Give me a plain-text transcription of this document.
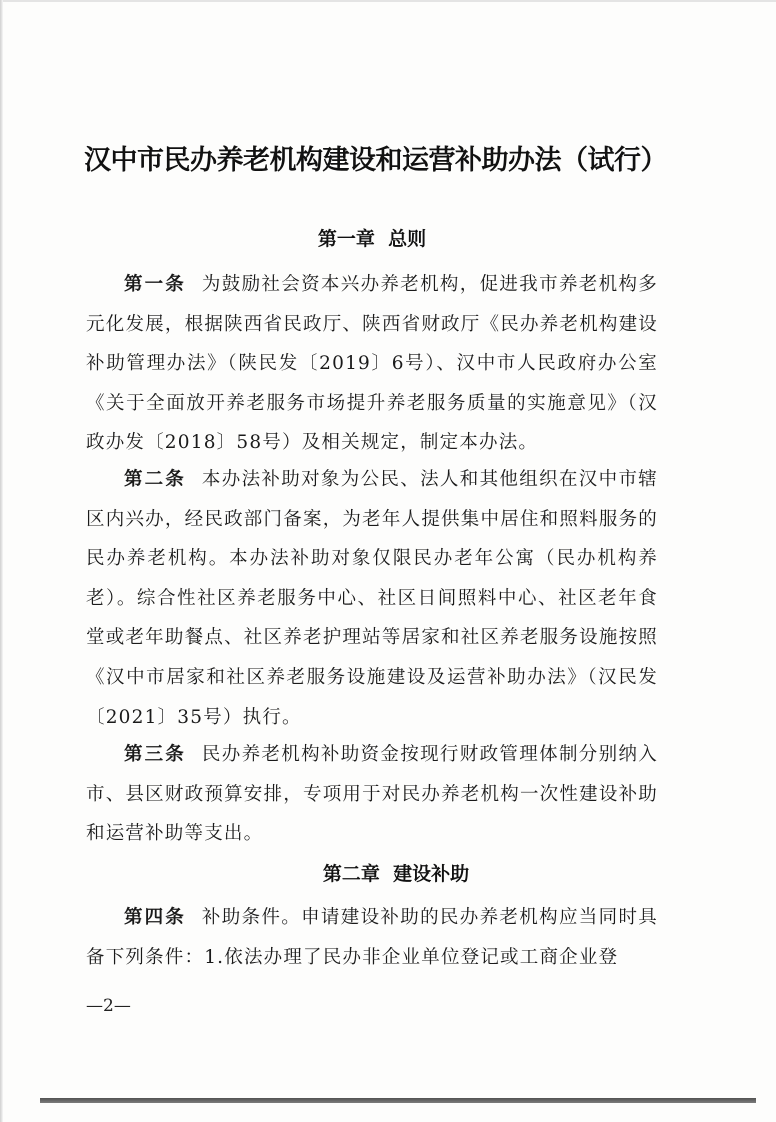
汉中市民办养老机构建设和运营补助办法（试行）
第一章  总则
第一条 为鼓励社会资本兴办养老机构，促进我市养老机构多元化发展，根据陕西省民政厅、陕西省财政厅《民办养老机构建设补助管理办法》（陕民发〔2019〕6号）、汉中市人民政府办公室《关于全面放开养老服务市场提升养老服务质量的实施意见》（汉政办发〔2018〕58号）及相关规定，制定本办法。
第二条 本办法补助对象为公民、法人和其他组织在汉中市辖区内兴办，经民政部门备案，为老年人提供集中居住和照料服务的民办养老机构。本办法补助对象仅限民办老年公寓（民办机构养老）。综合性社区养老服务中心、社区日间照料中心、社区老年食堂或老年助餐点、社区养老护理站等居家和社区养老服务设施按照《汉中市居家和社区养老服务设施建设及运营补助办法》（汉民发〔2021〕35号）执行。
第三条 民办养老机构补助资金按现行财政管理体制分别纳入市、县区财政预算安排，专项用于对民办养老机构一次性建设补助和运营补助等支出。
第二章  建设补助
第四条 补助条件。申请建设补助的民办养老机构应当同时具备下列条件：1.依法办理了民办非企业单位登记或工商企业登
—2—
